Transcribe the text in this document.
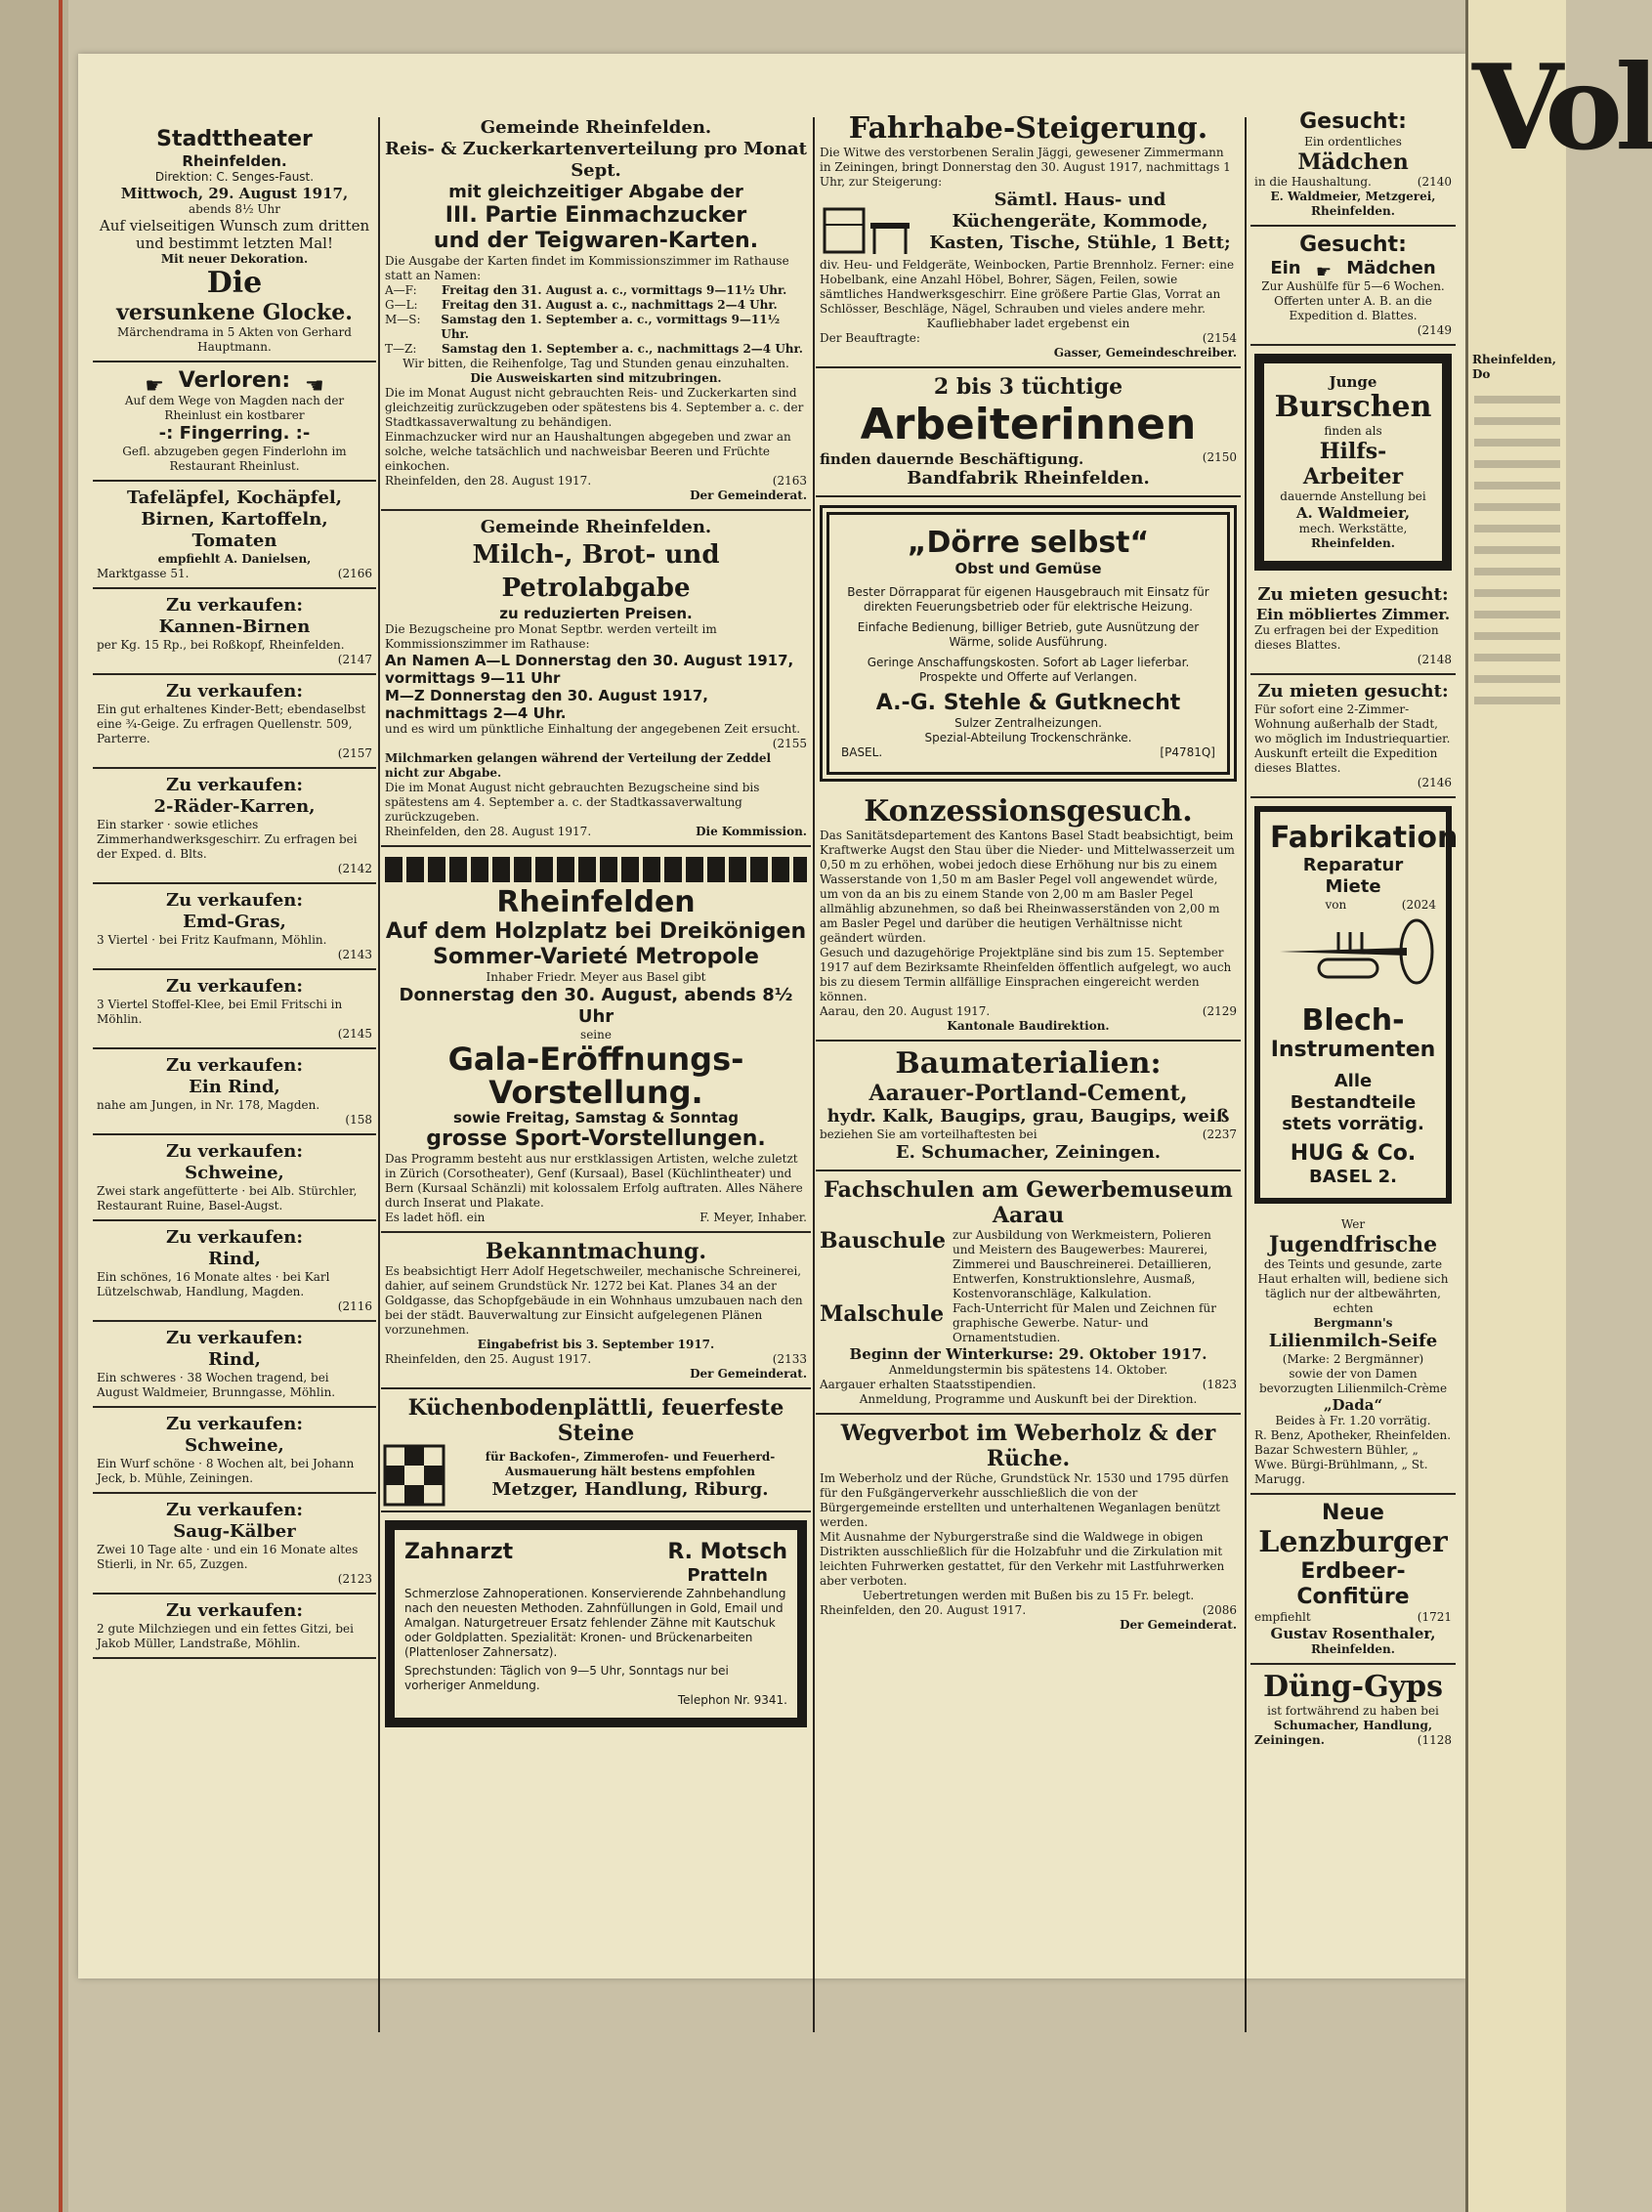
Vol
Rheinfelden, Do
Stadttheater
Rheinfelden.
Direktion: C. Senges-Faust.
Mittwoch, 29. August 1917,
abends 8½ Uhr
Auf vielseitigen Wunsch zum dritten und bestimmt letzten Mal!
Mit neuer Dekoration.
Die
versunkene Glocke.
Märchendrama in 5 Akten von Gerhard Hauptmann.
☛ Verloren: ☚
Auf dem Wege von Magden nach der Rheinlust ein kostbarer
-: Fingerring. :-
Gefl. abzugeben gegen Finderlohn im Restaurant Rheinlust.
Tafeläpfel, Kochäpfel,
Birnen, Kartoffeln,
Tomaten
empfiehlt A. Danielsen,
Marktgasse 51.	(2166
Zu verkaufen:
Kannen-Birnen
per Kg. 15 Rp., bei Roßkopf, Rheinfelden.
(2147
Zu verkaufen:
Ein gut erhaltenes Kinder-Bett; ebendaselbst eine ¾-Geige. Zu erfragen Quellenstr. 509, Parterre.
(2157
Zu verkaufen:
2-Räder-Karren,
Ein starker · sowie etliches Zimmerhandwerksgeschirr. Zu erfragen bei der Exped. d. Blts.
(2142
Zu verkaufen:
Emd-Gras,
3 Viertel · bei Fritz Kaufmann, Möhlin.
(2143
Zu verkaufen:
3 Viertel Stoffel-Klee, bei Emil Fritschi in Möhlin.
(2145
Zu verkaufen:
Ein Rind,
nahe am Jungen, in Nr. 178, Magden.
(158
Zu verkaufen:
Schweine,
Zwei stark angefütterte · bei Alb. Stürchler, Restaurant Ruine, Basel-Augst.
Zu verkaufen:
Rind,
Ein schönes, 16 Monate altes · bei Karl Lützelschwab, Handlung, Magden.
(2116
Zu verkaufen:
Rind,
Ein schweres · 38 Wochen tragend, bei August Waldmeier, Brunngasse, Möhlin.
Zu verkaufen:
Schweine,
Ein Wurf schöne · 8 Wochen alt, bei Johann Jeck, b. Mühle, Zeiningen.
Zu verkaufen:
Saug-Kälber
Zwei 10 Tage alte · und ein 16 Monate altes Stierli, in Nr. 65, Zuzgen.
(2123
Zu verkaufen:
2 gute Milchziegen und ein fettes Gitzi, bei Jakob Müller, Landstraße, Möhlin.
Gemeinde Rheinfelden.
Reis- & Zuckerkartenverteilung pro Monat Sept.
mit gleichzeitiger Abgabe der
III. Partie Einmachzucker
und der Teigwaren-Karten.
Die Ausgabe der Karten findet im Kommissionszimmer im Rathause statt an Namen:
A—F:	Freitag den 31. August a. c., vormittags 9—11½ Uhr.
G—L:	Freitag den 31. August a. c., nachmittags 2—4 Uhr.
M—S:	Samstag den 1. September a. c., vormittags 9—11½ Uhr.
T—Z:	Samstag den 1. September a. c., nachmittags 2—4 Uhr.
Wir bitten, die Reihenfolge, Tag und Stunden genau einzuhalten.
Die Ausweiskarten sind mitzubringen.
Die im Monat August nicht gebrauchten Reis- und Zuckerkarten sind gleichzeitig zurückzugeben oder spätestens bis 4. September a. c. der Stadtkassaverwaltung zu behändigen.
Einmachzucker wird nur an Haushaltungen abgegeben und zwar an solche, welche tatsächlich und nachweisbar Beeren und Früchte einkochen.
Rheinfelden, den 28. August 1917.	(2163
Der Gemeinderat.
Gemeinde Rheinfelden.
Milch-, Brot- und Petrolabgabe
zu reduzierten Preisen.
Die Bezugscheine pro Monat Septbr. werden verteilt im Kommissionszimmer im Rathause:
An Namen A—L Donnerstag den 30. August 1917, vormittags 9—11 Uhr
M—Z Donnerstag den 30. August 1917, nachmittags 2—4 Uhr.
und es wird um pünktliche Einhaltung der angegebenen Zeit ersucht.
(2155
Milchmarken gelangen während der Verteilung der Zeddel nicht zur Abgabe.
Die im Monat August nicht gebrauchten Bezugscheine sind bis spätestens am 4. September a. c. der Stadtkassaverwaltung zurückzugeben.
Rheinfelden, den 28. August 1917.	Die Kommission.
Rheinfelden
Auf dem Holzplatz bei Dreikönigen
Sommer-Varieté Metropole
Inhaber Friedr. Meyer aus Basel gibt
Donnerstag den 30. August, abends 8½ Uhr
seine
Gala-Eröffnungs-Vorstellung.
sowie Freitag, Samstag & Sonntag
grosse Sport-Vorstellungen.
Das Programm besteht aus nur erstklassigen Artisten, welche zuletzt in Zürich (Corsotheater), Genf (Kursaal), Basel (Küchlintheater) und Bern (Kursaal Schänzli) mit kolossalem Erfolg auftraten. Alles Nähere durch Inserat und Plakate.
Es ladet höfl. ein	F. Meyer, Inhaber.
Bekanntmachung.
Es beabsichtigt Herr Adolf Hegetschweiler, mechanische Schreinerei, dahier, auf seinem Grundstück Nr. 1272 bei Kat. Planes 34 an der Goldgasse, das Schopfgebäude in ein Wohnhaus umzubauen nach den bei der städt. Bauverwaltung zur Einsicht aufgelegenen Plänen vorzunehmen.
Eingabefrist bis 3. September 1917.
Rheinfelden, den 25. August 1917.	(2133
Der Gemeinderat.
Küchenbodenplättli, feuerfeste Steine
für Backofen-, Zimmerofen- und Feuerherd-Ausmauerung hält bestens empfohlen
Metzger, Handlung, Riburg.
Zahnarzt	R. Motsch
Pratteln
Schmerzlose Zahnoperationen. Konservierende Zahnbehandlung nach den neuesten Methoden. Zahnfüllungen in Gold, Email und Amalgan. Naturgetreuer Ersatz fehlender Zähne mit Kautschuk oder Goldplatten. Spezialität: Kronen- und Brückenarbeiten (Plattenloser Zahnersatz).
Sprechstunden: Täglich von 9—5 Uhr, Sonntags nur bei vorheriger Anmeldung.
Telephon Nr. 9341.
Fahrhabe-Steigerung.
Die Witwe des verstorbenen Seralin Jäggi, gewesener Zimmermann in Zeiningen, bringt Donnerstag den 30. August 1917, nachmittags 1 Uhr, zur Steigerung:
Sämtl. Haus- und Küchengeräte, Kommode, Kasten, Tische, Stühle, 1 Bett;
div. Heu- und Feldgeräte, Weinbocken, Partie Brennholz. Ferner: eine Hobelbank, eine Anzahl Höbel, Bohrer, Sägen, Feilen, sowie sämtliches Handwerksgeschirr. Eine größere Partie Glas, Vorrat an Schlösser, Beschläge, Nägel, Schrauben und vieles andere mehr.
Kaufliebhaber ladet ergebenst ein
Der Beauftragte:	(2154
Gasser, Gemeindeschreiber.
2 bis 3 tüchtige
Arbeiterinnen
finden dauernde Beschäftigung.	(2150
Bandfabrik Rheinfelden.
„Dörre selbst“
Obst und Gemüse
Bester Dörrapparat für eigenen Hausgebrauch mit Einsatz für direkten Feuerungsbetrieb oder für elektrische Heizung.
Einfache Bedienung, billiger Betrieb, gute Ausnützung der Wärme, solide Ausführung.
Geringe Anschaffungskosten. Sofort ab Lager lieferbar. Prospekte und Offerte auf Verlangen.
A.-G. Stehle & Gutknecht
Sulzer Zentralheizungen.
Spezial-Abteilung Trockenschränke.
BASEL.	[P4781Q]
Konzessionsgesuch.
Das Sanitätsdepartement des Kantons Basel Stadt beabsichtigt, beim Kraftwerke Augst den Stau über die Nieder- und Mittelwasserzeit um 0,50 m zu erhöhen, wobei jedoch diese Erhöhung nur bis zu einem Wasserstande von 1,50 m am Basler Pegel voll angewendet würde, um von da an bis zu einem Stande von 2,00 m am Basler Pegel allmählig abzunehmen, so daß bei Rheinwasserständen von 2,00 m am Basler Pegel und darüber die heutigen Verhältnisse nicht geändert würden.
Gesuch und dazugehörige Projektpläne sind bis zum 15. September 1917 auf dem Bezirksamte Rheinfelden öffentlich aufgelegt, wo auch bis zu diesem Termin allfällige Einsprachen eingereicht werden können.
Aarau, den 20. August 1917.	(2129
Kantonale Baudirektion.
Baumaterialien:
Aarauer-Portland-Cement,
hydr. Kalk, Baugips, grau, Baugips, weiß
beziehen Sie am vorteilhaftesten bei	(2237
E. Schumacher, Zeiningen.
Fachschulen am Gewerbemuseum Aarau
Bauschule zur Ausbildung von Werkmeistern, Polieren und Meistern des Baugewerbes: Maurerei, Zimmerei und Bauschreinerei. Detaillieren, Entwerfen, Konstruktionslehre, Ausmaß, Kostenvoranschläge, Kalkulation.
Malschule Fach-Unterricht für Malen und Zeichnen für graphische Gewerbe. Natur- und Ornamentstudien.
Beginn der Winterkurse: 29. Oktober 1917.
Anmeldungstermin bis spätestens 14. Oktober.
Aargauer erhalten Staatsstipendien.	(1823
Anmeldung, Programme und Auskunft bei der Direktion.
Wegverbot im Weberholz & der Rüche.
Im Weberholz und der Rüche, Grundstück Nr. 1530 und 1795 dürfen für den Fußgängerverkehr ausschließlich die von der Bürgergemeinde erstellten und unterhaltenen Weganlagen benützt werden.
Mit Ausnahme der Nyburgerstraße sind die Waldwege in obigen Distrikten ausschließlich für die Holzabfuhr und die Zirkulation mit leichten Fuhrwerken gestattet, für den Verkehr mit Lastfuhrwerken aber verboten.
Uebertretungen werden mit Bußen bis zu 15 Fr. belegt.
Rheinfelden, den 20. August 1917.	(2086
Der Gemeinderat.
Gesucht:
Ein ordentliches
Mädchen
in die Haushaltung.	(2140
E. Waldmeier, Metzgerei, Rheinfelden.
Gesucht:
Ein ☛ Mädchen
Zur Aushülfe für 5—6 Wochen. Offerten unter A. B. an die Expedition d. Blattes.
(2149
Junge
Burschen
finden als
Hilfs-Arbeiter
dauernde Anstellung bei
A. Waldmeier,
mech. Werkstätte,
Rheinfelden.
Zu mieten gesucht:
Ein möbliertes Zimmer.
Zu erfragen bei der Expedition dieses Blattes.
(2148
Zu mieten gesucht:
Für sofort eine 2-Zimmer-Wohnung außerhalb der Stadt, wo möglich im Industriequartier. Auskunft erteilt die Expedition dieses Blattes.
(2146
Fabrikation
Reparatur
Miete
von	(2024
Blech-
Instrumenten
Alle Bestandteile stets vorrätig.
HUG & Co.
BASEL 2.
Wer
Jugendfrische
des Teints und gesunde, zarte Haut erhalten will, bediene sich täglich nur der altbewährten, echten
Bergmann's
Lilienmilch-Seife
(Marke: 2 Bergmänner)
sowie der von Damen bevorzugten Lilienmilch-Crème
„Dada“
Beides à Fr. 1.20 vorrätig.
R. Benz, Apotheker, Rheinfelden. Bazar Schwestern Bühler, „ Wwe. Bürgi-Brühlmann, „ St. Marugg.
Neue
Lenzburger
Erdbeer-
Confitüre
empfiehlt	(1721
Gustav Rosenthaler,
Rheinfelden.
Düng-Gyps
ist fortwährend zu haben bei
Schumacher, Handlung,
Zeiningen.	(1128
